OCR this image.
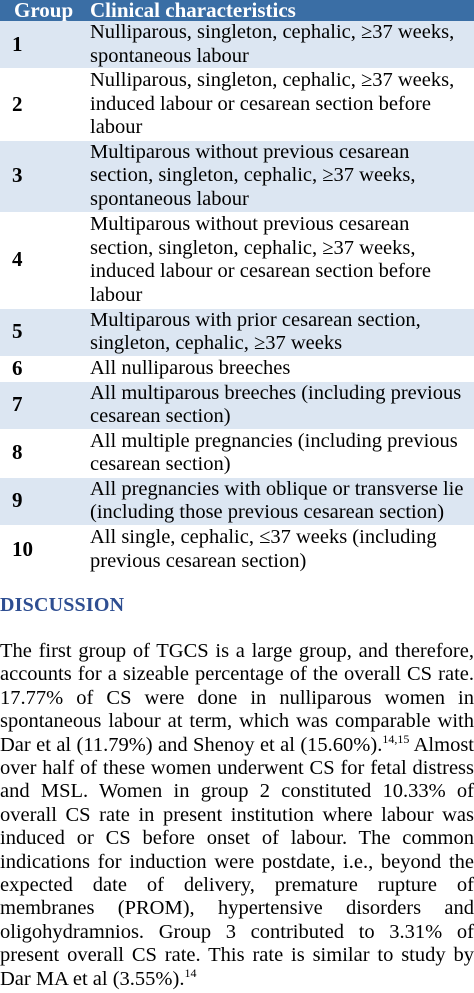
Group	Clinical characteristics
1	Nulliparous, singleton, cephalic, ≥37 weeks, spontaneous labour
2	Nulliparous, singleton, cephalic, ≥37 weeks, induced labour or cesarean section before labour
3	Multiparous without previous cesarean section, singleton, cephalic, ≥37 weeks, spontaneous labour
4	Multiparous without previous cesarean section, singleton, cephalic, ≥37 weeks, induced labour or cesarean section before labour
5	Multiparous with prior cesarean section, singleton, cephalic, ≥37 weeks
6	All nulliparous breeches
7	All multiparous breeches (including previous cesarean section)
8	All multiple pregnancies (including previous cesarean section)
9	All pregnancies with oblique or transverse lie (including those previous cesarean section)
10	All single, cephalic, ≤37 weeks (including previous cesarean section)
DISCUSSION

The first group of TGCS is a large group, and therefore, accounts for a sizeable percentage of the overall CS rate. 17.77% of CS were done in nulliparous women in spontaneous labour at term, which was comparable with Dar et al (11.79%) and Shenoy et al (15.60%).$^{14,15}$ Almost over half of these women underwent CS for fetal distress and MSL. Women in group 2 constituted 10.33% of overall CS rate in present institution where labour was induced or CS before onset of labour. The common indications for induction were postdate, i.e., beyond the expected date of delivery, premature rupture of membranes (PROM), hypertensive disorders and oligohydramnios. Group 3 contributed to 3.31% of present overall CS rate. This rate is similar to study by Dar MA et al (3.55%).$^{14}$
